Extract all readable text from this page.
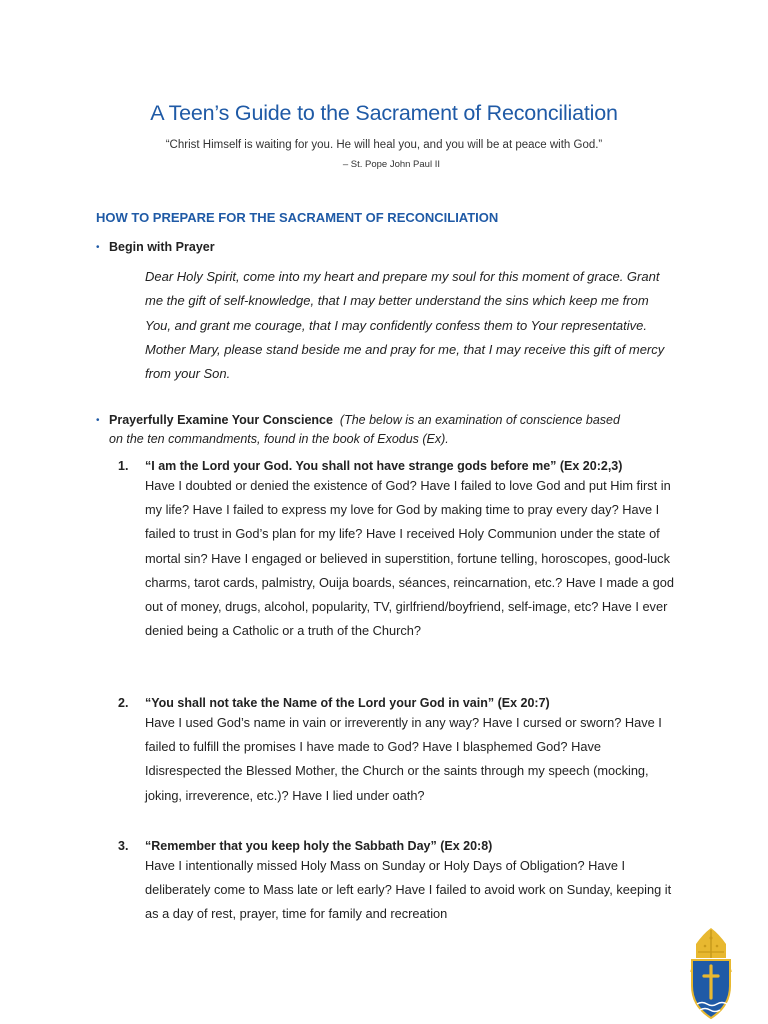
A Teen’s Guide to the Sacrament of Reconciliation
“Christ Himself is waiting for you. He will heal you, and you will be at peace with God.”
– St. Pope John Paul II
HOW TO PREPARE FOR THE SACRAMENT OF RECONCILIATION
• Begin with Prayer
Dear Holy Spirit, come into my heart and prepare my soul for this moment of grace. Grant me the gift of self-knowledge, that I may better understand the sins which keep me from You, and grant me courage, that I may confidently confess them to Your representative. Mother Mary, please stand beside me and pray for me, that I may receive this gift of mercy from your Son.
• Prayerfully Examine Your Conscience (The below is an examination of conscience based
on the ten commandments, found in the book of Exodus (Ex).
1. “I am the Lord your God. You shall not have strange gods before me” (Ex 20:2,3)
Have I doubted or denied the existence of God? Have I failed to love God and put Him first in my life? Have I failed to express my love for God by making time to pray every day? Have I failed to trust in God’s plan for my life? Have I received Holy Communion under the state of mortal sin? Have I engaged or believed in superstition, fortune telling, horoscopes, good-luck charms, tarot cards, palmistry, Ouija boards, séances, reincarnation, etc.? Have I made a god out of money, drugs, alcohol, popularity, TV, girlfriend/boyfriend, self-image, etc? Have I ever denied being a Catholic or a truth of the Church?
2. “You shall not take the Name of the Lord your God in vain” (Ex 20:7)
Have I used God’s name in vain or irreverently in any way? Have I cursed or sworn? Have I failed to fulfill the promises I have made to God? Have I blasphemed God? Have Idisrespected the Blessed Mother, the Church or the saints through my speech (mocking, joking, irreverence, etc.)? Have I lied under oath?
3. “Remember that you keep holy the Sabbath Day” (Ex 20:8)
Have I intentionally missed Holy Mass on Sunday or Holy Days of Obligation? Have I deliberately come to Mass late or left early? Have I failed to avoid work on Sunday, keeping it as a day of rest, prayer, time for family and recreation
